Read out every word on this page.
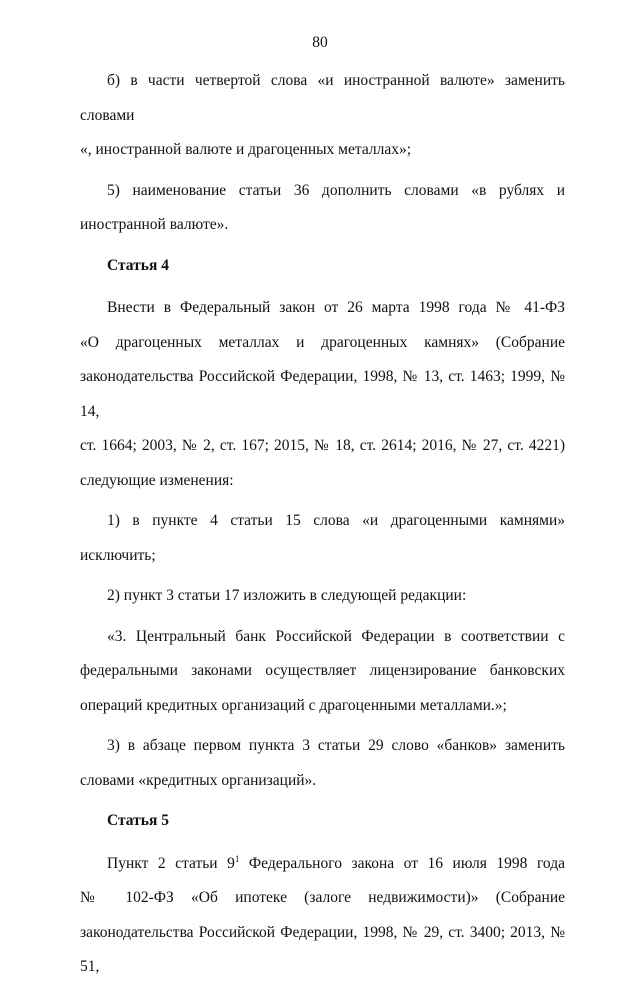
80
б) в части четвертой слова «и иностранной валюте» заменить словами
«, иностранной валюте и драгоценных металлах»;
5) наименование статьи 36 дополнить словами «в рублях и
иностранной валюте».
Статья 4
Внести в Федеральный закон от 26 марта 1998 года № 41-ФЗ
«О драгоценных металлах и драгоценных камнях» (Собрание
законодательства Российской Федерации, 1998, № 13, ст. 1463; 1999, № 14,
ст. 1664; 2003, № 2, ст. 167; 2015, № 18, ст. 2614; 2016, № 27, ст. 4221)
следующие изменения:
1) в пункте 4 статьи 15 слова «и драгоценными камнями» исключить;
2) пункт 3 статьи 17 изложить в следующей редакции:
«3. Центральный банк Российской Федерации в соответствии с
федеральными законами осуществляет лицензирование банковских
операций кредитных организаций с драгоценными металлами.»;
3) в абзаце первом пункта 3 статьи 29 слово «банков» заменить
словами «кредитных организаций».
Статья 5
Пункт 2 статьи 9$^1$ Федерального закона от 16 июля 1998 года
№ 102-ФЗ «Об ипотеке (залоге недвижимости)» (Собрание
законодательства Российской Федерации, 1998, № 29, ст. 3400; 2013, № 51,
